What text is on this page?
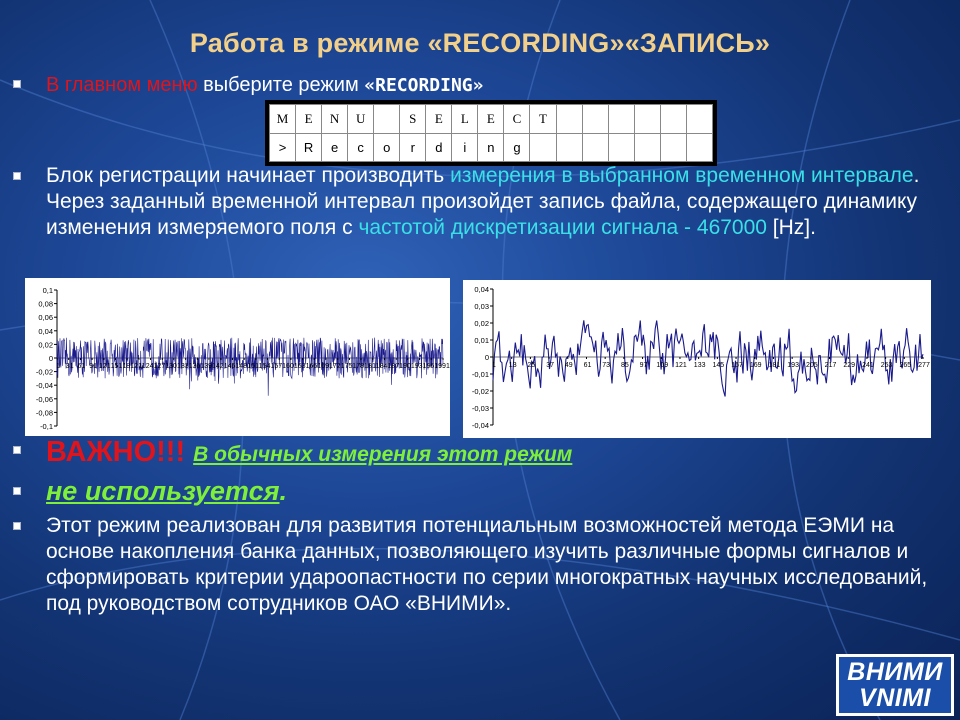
Работа в режиме «RECORDING»«ЗАПИСЬ»
В главном меню выберите режим «RECORDING»
M	E	N	U		S	E	L	E	C	T						
>	R	e	c	o	r	d	i	n	g							
Блок регистрации начинает производить измерения в выбранном временном интервале. Через заданный временной интервал произойдет запись файла, содержащего динамику изменения измеряемого поля с частотой дискретизации сигнала - 467000 [Hz].
0,1
0,08
0,06
0,04
0,02
0
-0,02
-0,04
-0,06
-0,08
-0,1
1 31 61 91 121 151 181 211 241 271 301 331 361 391 421 451 481 511 541 571 601 631 661 691 721 751 781 811 841 871 901 931 961 991
0,04
0,03
0,02
0,01
0
-0,01
-0,02
-0,03
-0,04
1 13 25 37 49 61 73 85 97 109 121 133 145 157 169 181 193 205 217 229 241 253 265 277
ВАЖНО!!! В обычных измерения этот режим
не используется.
Этот режим реализован для развития потенциальным возможностей метода ЕЭМИ на основе накопления банка данных, позволяющего изучить различные формы сигналов и сформировать критерии удароопастности по серии многократных научных исследований, под руководством сотрудников ОАО «ВНИМИ».
ВНИМИ
VNIMI
